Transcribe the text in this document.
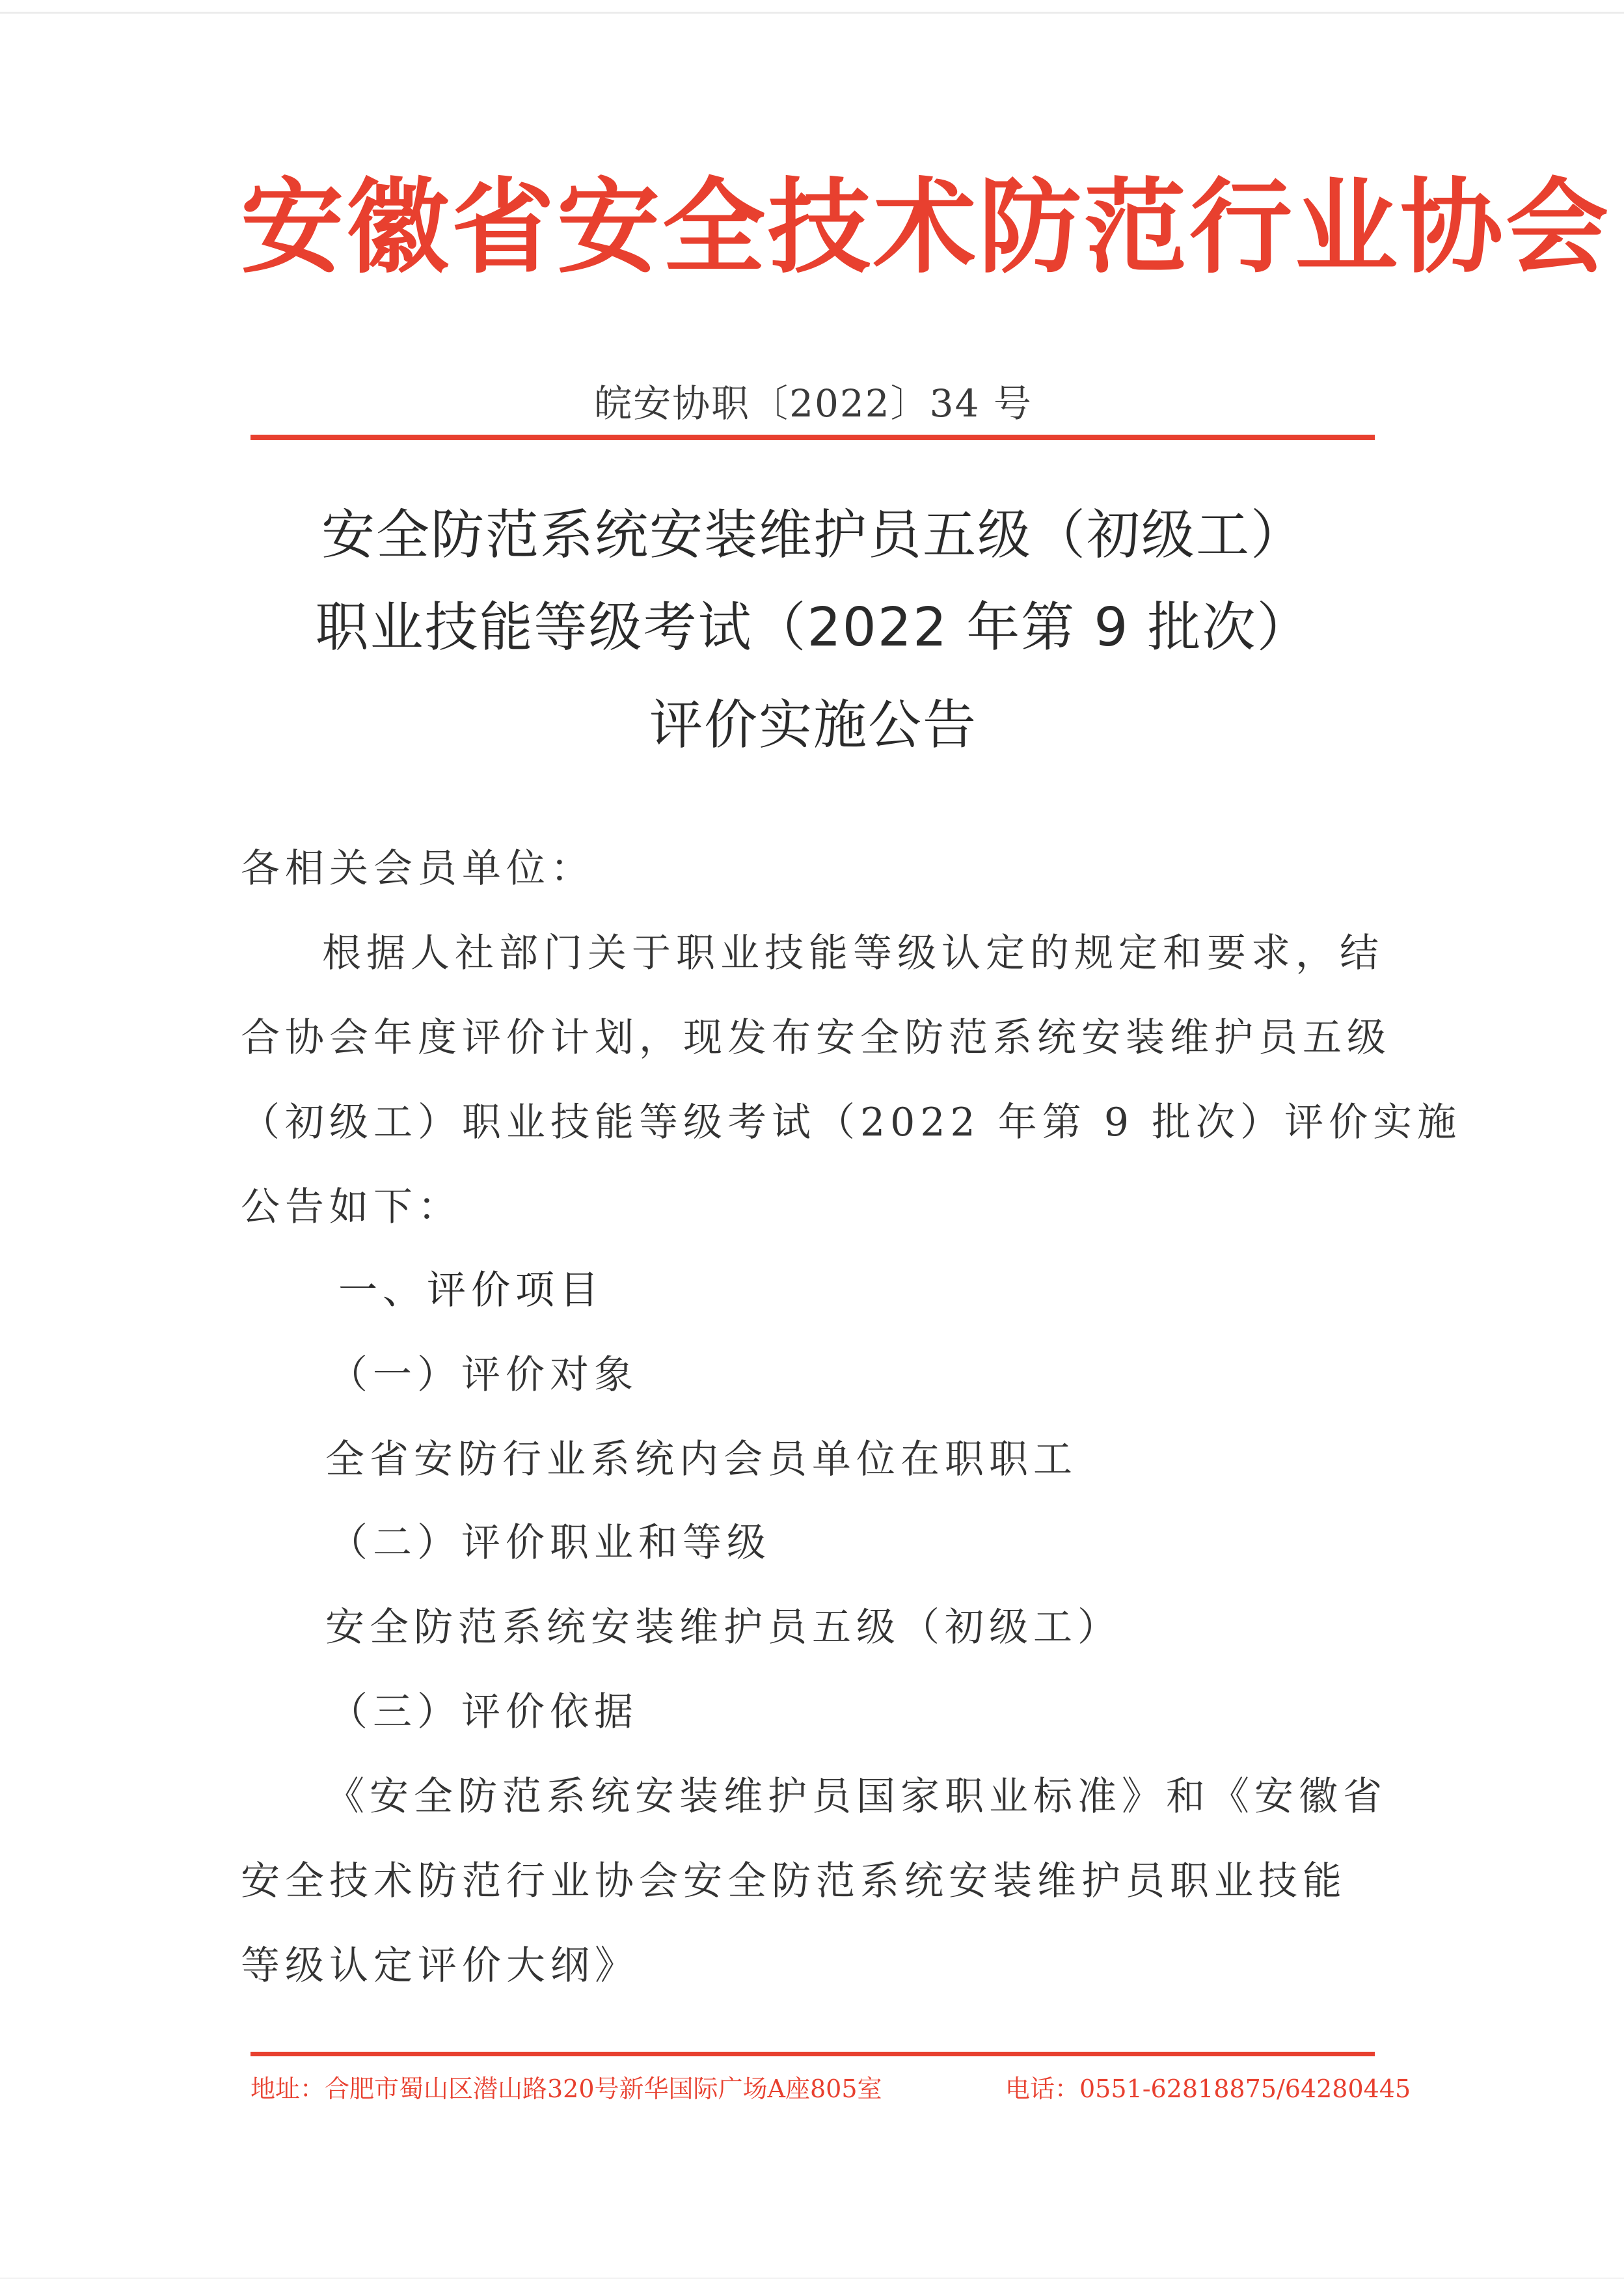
安徽省安全技术防范行业协会
皖安协职〔2022〕34 号
安全防范系统安装维护员五级（初级工）
职业技能等级考试（2022 年第 9 批次）
评价实施公告
各相关会员单位：
根据人社部门关于职业技能等级认定的规定和要求，结
合协会年度评价计划，现发布安全防范系统安装维护员五级
（初级工）职业技能等级考试（2022 年第 9 批次）评价实施
公告如下：
一、评价项目
（一）评价对象
全省安防行业系统内会员单位在职职工
（二）评价职业和等级
安全防范系统安装维护员五级（初级工）
（三）评价依据
《安全防范系统安装维护员国家职业标准》和《安徽省
安全技术防范行业协会安全防范系统安装维护员职业技能
等级认定评价大纲》
地址：合肥市蜀山区潜山路320号新华国际广场A座805室	电话：0551-62818875/64280445
